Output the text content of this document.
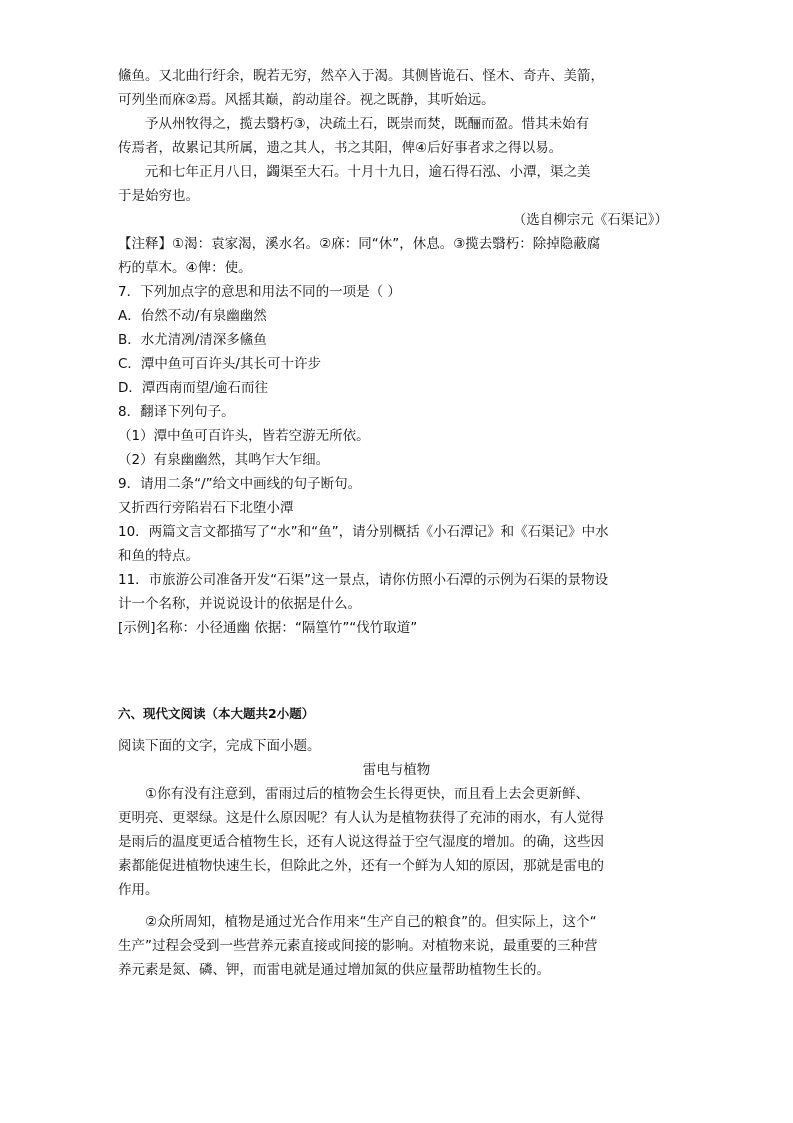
鯈鱼。又北曲行纡余，睨若无穷，然卒入于渴。其侧皆诡石、怪木、奇卉、美箭，
可列坐而庥②焉。风摇其巅，韵动崖谷。视之既静，其听始远。
予从州牧得之，揽去翳朽③，决疏土石，既崇而焚，既酾而盈。惜其未始有
传焉者，故累记其所属，遗之其人，书之其阳，俾④后好事者求之得以易。
元和七年正月八日，蠲渠至大石。十月十九日，逾石得石泓、小潭，渠之美
于是始穷也。
（选自柳宗元《石渠记》）
【注释】①渴：袁家渴，溪水名。②庥：同“休”，休息。③揽去翳朽：除掉隐蔽腐
朽的草木。④俾：使。
7．下列加点字的意思和用法不同的一项是（ ）
A．佁然不动/有泉幽幽然
B．水尤清冽/清深多鯈鱼
C．潭中鱼可百许头/其长可十许步
D．潭西南而望/逾石而往
8．翻译下列句子。
（1）潭中鱼可百许头，皆若空游无所依。
（2）有泉幽幽然，其鸣乍大乍细。
9．请用二条“/”给文中画线的句子断句。
又折西行旁陷岩石下北堕小潭
10．两篇文言文都描写了“水”和“鱼”，请分别概括《小石潭记》和《石渠记》中水
和鱼的特点。
11．市旅游公司准备开发“石渠”这一景点，请你仿照小石潭的示例为石渠的景物设
计一个名称，并说说设计的依据是什么。
[示例]名称：小径通幽 依据：“隔篁竹”“伐竹取道”
六、现代文阅读（本大题共2小题）
阅读下面的文字，完成下面小题。
雷电与植物
①你有没有注意到，雷雨过后的植物会生长得更快，而且看上去会更新鲜、
更明亮、更翠绿。这是什么原因呢？有人认为是植物获得了充沛的雨水，有人觉得
是雨后的温度更适合植物生长，还有人说这得益于空气湿度的增加。的确，这些因
素都能促进植物快速生长，但除此之外，还有一个鲜为人知的原因，那就是雷电的
作用。
②众所周知，植物是通过光合作用来“生产自己的粮食”的。但实际上，这个“
生产”过程会受到一些营养元素直接或间接的影响。对植物来说，最重要的三种营
养元素是氮、磷、钾，而雷电就是通过增加氮的供应量帮助植物生长的。
